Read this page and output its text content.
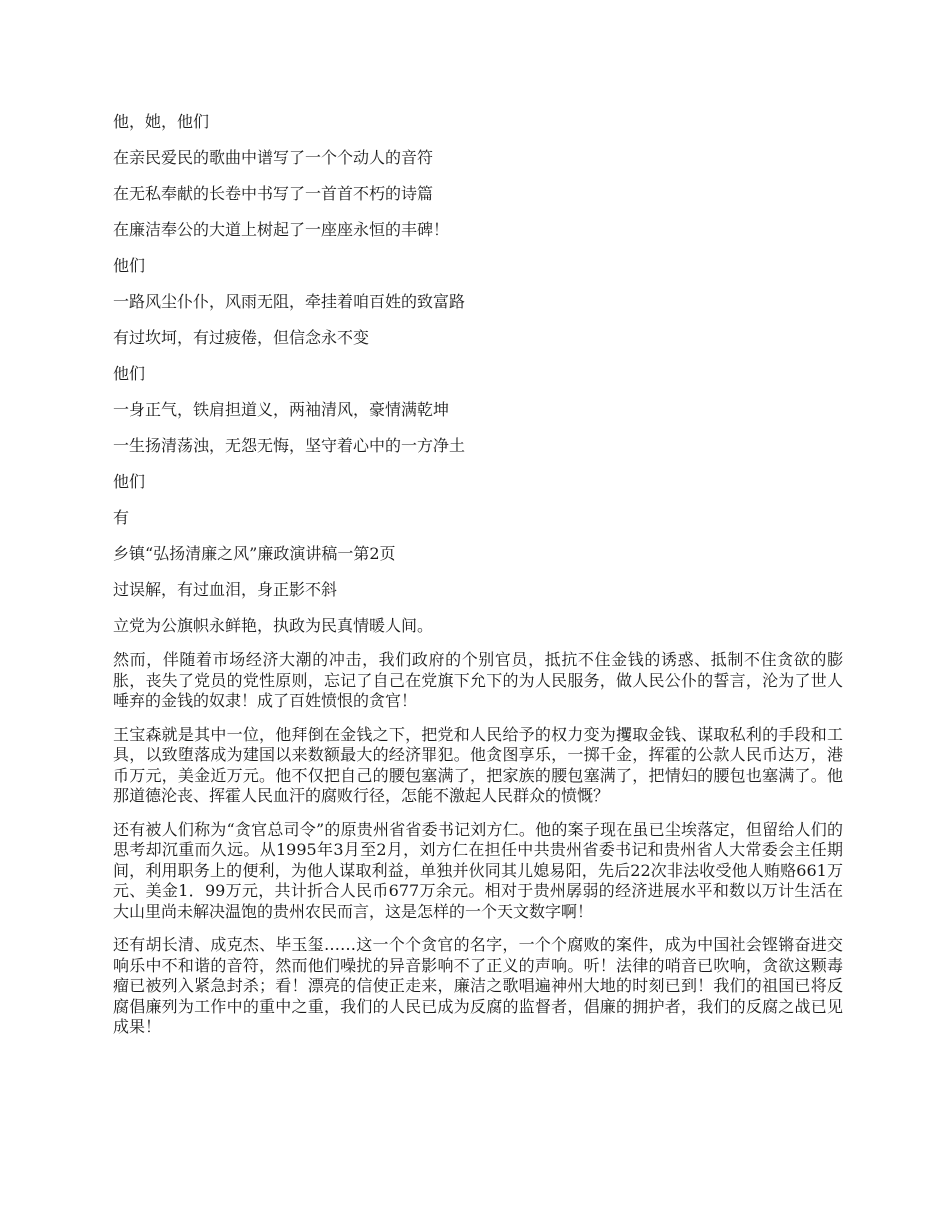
他，她，他们

在亲民爱民的歌曲中谱写了一个个动人的音符

在无私奉献的长卷中书写了一首首不朽的诗篇

在廉洁奉公的大道上树起了一座座永恒的丰碑！

他们

一路风尘仆仆，风雨无阻，牵挂着咱百姓的致富路

有过坎坷，有过疲倦，但信念永不变

他们

一身正气，铁肩担道义，两袖清风，豪情满乾坤

一生扬清荡浊，无怨无悔，坚守着心中的一方净土

他们

有

乡镇“弘扬清廉之风”廉政演讲稿一第2页

过误解，有过血泪，身正影不斜

立党为公旗帜永鲜艳，执政为民真情暖人间。

然而，伴随着市场经济大潮的冲击，我们政府的个别官员，抵抗不住金钱的诱惑、抵制不住贪欲的膨胀，丧失了党员的党性原则，忘记了自己在党旗下允下的为人民服务，做人民公仆的誓言，沦为了世人唾弃的金钱的奴隶！成了百姓愤恨的贪官！

王宝森就是其中一位，他拜倒在金钱之下，把党和人民给予的权力变为攫取金钱、谋取私利的手段和工具，以致堕落成为建国以来数额最大的经济罪犯。他贪图享乐，一掷千金，挥霍的公款人民币达万，港币万元，美金近万元。他不仅把自己的腰包塞满了，把家族的腰包塞满了，把情妇的腰包也塞满了。他那道德沦丧、挥霍人民血汗的腐败行径，怎能不激起人民群众的愤慨？

还有被人们称为“贪官总司令”的原贵州省省委书记刘方仁。他的案子现在虽已尘埃落定，但留给人们的思考却沉重而久远。从1995年3月至2月，刘方仁在担任中共贵州省委书记和贵州省人大常委会主任期间，利用职务上的便利，为他人谋取利益，单独并伙同其儿媳易阳，先后22次非法收受他人贿赂661万元、美金1．99万元，共计折合人民币677万余元。相对于贵州孱弱的经济进展水平和数以万计生活在大山里尚未解决温饱的贵州农民而言，这是怎样的一个天文数字啊！

还有胡长清、成克杰、毕玉玺……这一个个贪官的名字，一个个腐败的案件，成为中国社会铿锵奋进交响乐中不和谐的音符，然而他们噪扰的异音影响不了正义的声响。听！法律的哨音已吹响，贪欲这颗毒瘤已被列入紧急封杀；看！漂亮的信使正走来，廉洁之歌唱遍神州大地的时刻已到！我们的祖国已将反腐倡廉列为工作中的重中之重，我们的人民已成为反腐的监督者，倡廉的拥护者，我们的反腐之战已见成果！
